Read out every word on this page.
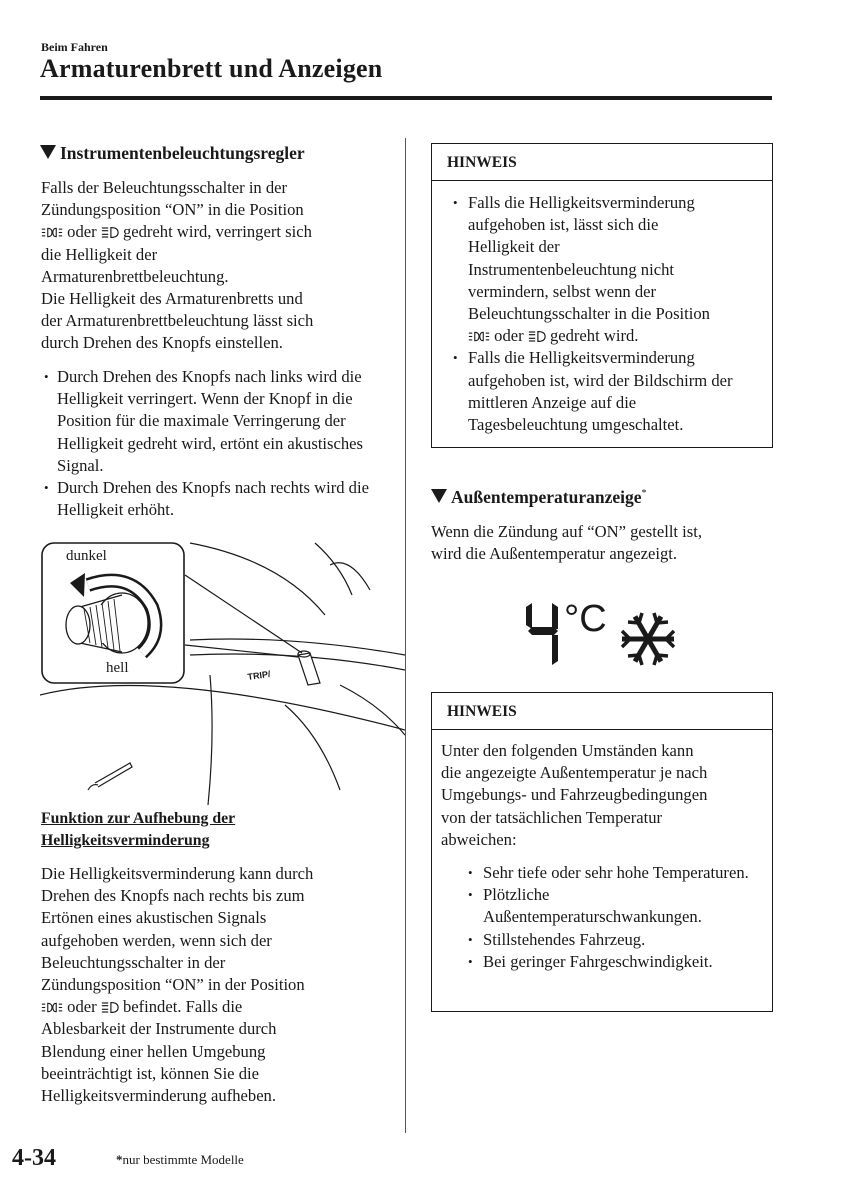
Beim Fahren
Armaturenbrett und Anzeigen
Instrumentenbeleuchtungsregler

Falls der Beleuchtungsschalter in der

Zündungsposition “ON” in die Position

oder  gedreht wird, verringert sich

die Helligkeit der

Armaturenbrettbeleuchtung.

Die Helligkeit des Armaturenbretts und

der Armaturenbrettbeleuchtung lässt sich

durch Drehen des Knopfs einstellen.

• Durch Drehen des Knopfs nach links wird die Helligkeit verringert. Wenn der Knopf in die Position für die maximale Verringerung der Helligkeit gedreht wird, ertönt ein akustisches Signal.
• Durch Drehen des Knopfs nach rechts wird die Helligkeit erhöht.
TRIP/
dunkel
hell
Funktion zur Aufhebung der
Helligkeitsverminderung

Die Helligkeitsverminderung kann durch

Drehen des Knopfs nach rechts bis zum

Ertönen eines akustischen Signals

aufgehoben werden, wenn sich der

Beleuchtungsschalter in der

Zündungsposition “ON” in der Position

oder  befindet. Falls die

Ablesbarkeit der Instrumente durch

Blendung einer hellen Umgebung

beeinträchtigt ist, können Sie die

Helligkeitsverminderung aufheben.

HINWEIS
• Falls die Helligkeitsverminderung
aufgehoben ist, lässt sich die
Helligkeit der
Instrumentenbeleuchtung nicht
vermindern, selbst wenn der
Beleuchtungsschalter in die Position
oder  gedreht wird.
• Falls die Helligkeitsverminderung aufgehoben ist, wird der Bildschirm der mittleren Anzeige auf die Tagesbeleuchtung umgeschaltet.
Außentemperaturanzeige*

Wenn die Zündung auf “ON” gestellt ist,

wird die Außentemperatur angezeigt.

°C
HINWEIS

Unter den folgenden Umständen kann

die angezeigte Außentemperatur je nach

Umgebungs- und Fahrzeugbedingungen

von der tatsächlichen Temperatur

abweichen:

• Sehr tiefe oder sehr hohe Temperaturen.
• Plötzliche Außentemperaturschwankungen.
• Stillstehendes Fahrzeug.
• Bei geringer Fahrgeschwindigkeit.
4-34	*nur bestimmte Modelle
